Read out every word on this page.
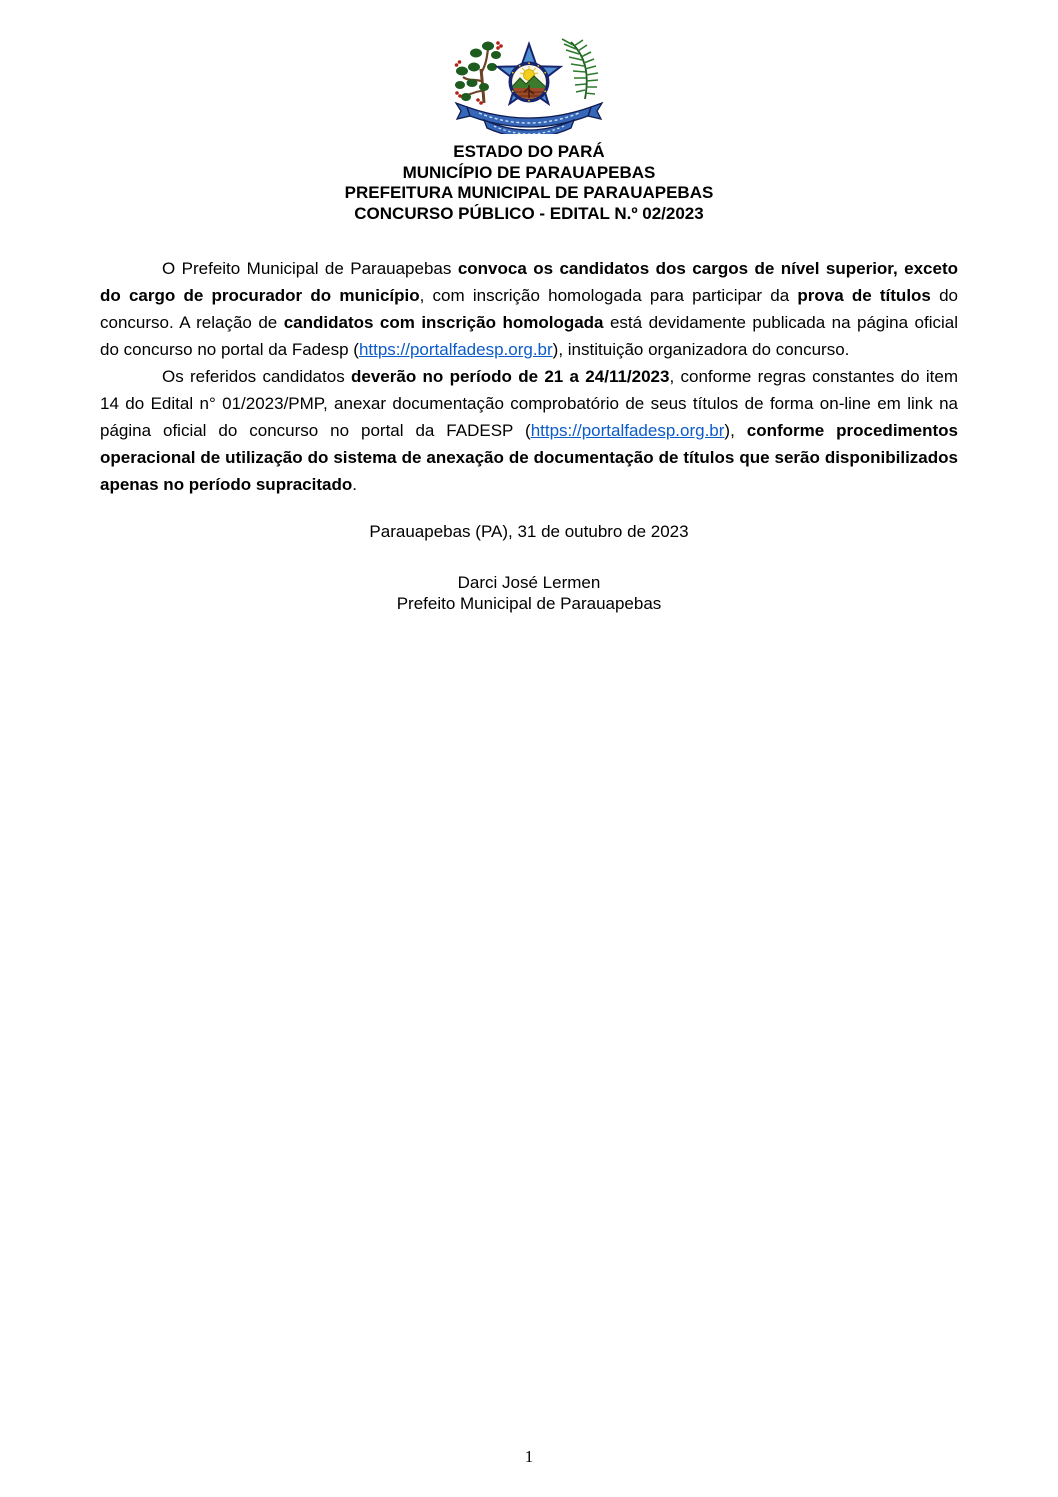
ESTADO DO PARÁ
MUNICÍPIO DE PARAUAPEBAS
PREFEITURA MUNICIPAL DE PARAUAPEBAS
CONCURSO PÚBLICO - EDITAL N.º 02/2023

O Prefeito Municipal de Parauapebas convoca os candidatos dos cargos de nível superior, exceto do cargo de procurador do município, com inscrição homologada para participar da prova de títulos do concurso. A relação de candidatos com inscrição homologada está devidamente publicada na página oficial do concurso no portal da Fadesp (https://portalfadesp.org.br), instituição organizadora do concurso.

Os referidos candidatos deverão no período de 21 a 24/11/2023, conforme regras constantes do item 14 do Edital n° 01/2023/PMP, anexar documentação comprobatório de seus títulos de forma on-line em link na página oficial do concurso no portal da FADESP (https://portalfadesp.org.br), conforme procedimentos operacional de utilização do sistema de anexação de documentação de títulos que serão disponibilizados apenas no período supracitado.

Parauapebas (PA), 31 de outubro de 2023
Darci José Lermen
Prefeito Municipal de Parauapebas
1
